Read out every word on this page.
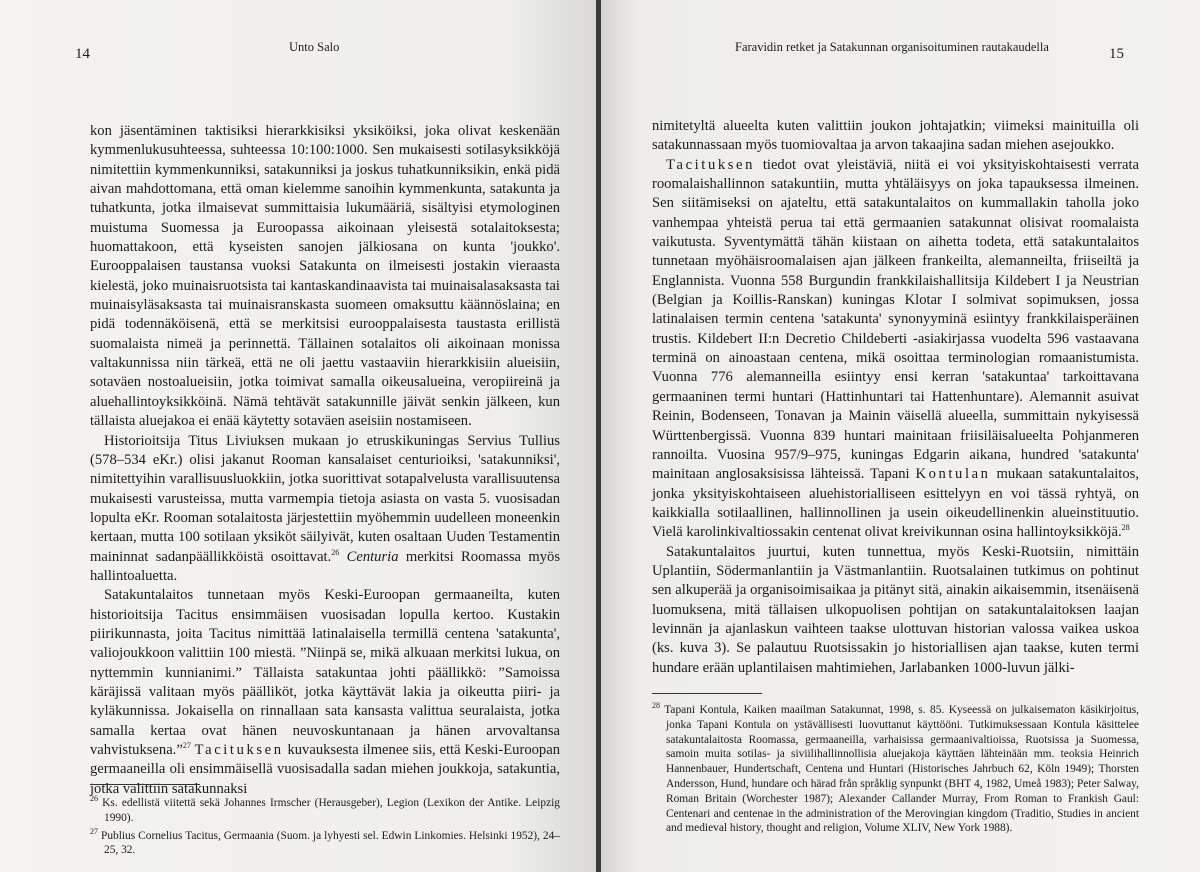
14	Unto Salo

kon jäsentäminen taktisiksi hierarkkisiksi yksiköiksi, joka olivat keskenään kymmenlukusuhteessa, suhteessa 10:100:1000. Sen mukaisesti sotilasyksikköjä nimitettiin kymmenkunniksi, satakunniksi ja joskus tuhatkunniksikin, enkä pidä aivan mahdottomana, että oman kielemme sanoihin kymmenkunta, satakunta ja tuhatkunta, jotka ilmaisevat summittaisia lukumääriä, sisältyisi etymologinen muistuma Suomessa ja Euroopassa aikoinaan yleisestä sotalaitoksesta; huomattakoon, että kyseisten sanojen jälkiosana on kunta 'joukko'. Eurooppalaisen taustansa vuoksi Satakunta on ilmeisesti jostakin vieraasta kielestä, joko muinaisruotsista tai kantaskandinaavista tai muinaisalasaksasta tai muinaisyläsaksasta tai muinaisranskasta suomeen omaksuttu käännöslaina; en pidä todennäköisenä, että se merkitsisi eurooppalaisesta taustasta erillistä suomalaista nimeä ja perinnettä. Tällainen sotalaitos oli aikoinaan monissa valtakunnissa niin tärkeä, että ne oli jaettu vastaaviin hierarkkisiin alueisiin, sotaväen nostoalueisiin, jotka toimivat samalla oikeusalueina, veropiireinä ja aluehallintoyksikköinä. Nämä tehtävät satakunnille jäivät senkin jälkeen, kun tällaista aluejakoa ei enää käytetty sotaväen aseisiin nostamiseen.

Historioitsija Titus Liviuksen mukaan jo etruskikuningas Servius Tullius (578–534 eKr.) olisi jakanut Rooman kansalaiset centurioiksi, 'satakunniksi', nimitettyihin varallisuusluokkiin, jotka suorittivat sotapalvelusta varallisuutensa mukaisesti varusteissa, mutta varmempia tietoja asiasta on vasta 5. vuosisadan lopulta eKr. Rooman sotalaitosta järjestettiin myöhemmin uudelleen moneenkin kertaan, mutta 100 sotilaan yksiköt säilyivät, kuten osaltaan Uuden Testamentin maininnat sadanpäällikköistä osoittavat.$^{26}$ Centuria merkitsi Roomassa myös hallintoaluetta.

Satakuntalaitos tunnetaan myös Keski-Euroopan germaaneilta, kuten historioitsija Tacitus ensimmäisen vuosisadan lopulla kertoo. Kustakin piirikunnasta, joita Tacitus nimittää latinalaisella termillä centena 'satakunta', valiojoukkoon valittiin 100 miestä. ”Niinpä se, mikä alkuaan merkitsi lukua, on nyttemmin kunnianimi.” Tällaista satakuntaa johti päällikkö: ”Samoissa käräjissä valitaan myös päälliköt, jotka käyttävät lakia ja oikeutta piiri- ja kyläkunnissa. Jokaisella on rinnallaan sata kansasta valittua seuralaista, jotka samalla kertaa ovat hänen neuvoskuntanaan ja hänen arvovaltansa vahvistuksena.”$^{27}$ Tacituksen kuvauksesta ilmenee siis, että Keski-Euroopan germaaneilla oli ensimmäisellä vuosisadalla sadan miehen joukkoja, satakuntia, jotka valittiin satakunnaksi

$^{26}$ Ks. edellistä viitettä sekä Johannes Irmscher (Herausgeber), Legion (Lexikon der Antike. Leipzig 1990).

$^{27}$ Publius Cornelius Tacitus, Germaania (Suom. ja lyhyesti sel. Edwin Linkomies. Helsinki 1952), 24–25, 32.

Faravidin retket ja Satakunnan organisoituminen rautakaudella	15

nimitetyltä alueelta kuten valittiin joukon johtajatkin; viimeksi mainituilla oli satakunnassaan myös tuomiovaltaa ja arvon takaajina sadan miehen asejoukko.

Tacituksen tiedot ovat yleistäviä, niitä ei voi yksityiskohtaisesti verrata roomalaishallinnon satakuntiin, mutta yhtäläisyys on joka tapauksessa ilmeinen. Sen siitämiseksi on ajateltu, että satakuntalaitos on kummallakin taholla joko vanhempaa yhteistä perua tai että germaanien satakunnat olisivat roomalaista vaikutusta. Syventymättä tähän kiistaan on aihetta todeta, että satakuntalaitos tunnetaan myöhäisroomalaisen ajan jälkeen frankeilta, alemanneilta, friiseiltä ja Englannista. Vuonna 558 Burgundin frankkilaishallitsija Kildebert I ja Neustrian (Belgian ja Koillis-Ranskan) kuningas Klotar I solmivat sopimuksen, jossa latinalaisen termin centena 'satakunta' synonyyminä esiintyy frankkilaisperäinen trustis. Kildebert II:n Decretio Childeberti -asiakirjassa vuodelta 596 vastaavana terminä on ainoastaan centena, mikä osoittaa terminologian romaanistumista. Vuonna 776 alemanneilla esiintyy ensi kerran 'satakuntaa' tarkoittavana germaaninen termi huntari (Hattinhuntari tai Hattenhuntare). Alemannit asuivat Reinin, Bodenseen, Tonavan ja Mainin väisellä alueella, summittain nykyisessä Württenbergissä. Vuonna 839 huntari mainitaan friisiläisalueelta Pohjanmeren rannoilta. Vuosina 957/9–975, kuningas Edgarin aikana, hundred 'satakunta' mainitaan anglosaksisissa lähteissä. Tapani Kontulan mukaan satakuntalaitos, jonka yksityiskohtaiseen aluehistorialliseen esittelyyn en voi tässä ryhtyä, on kaikkialla sotilaallinen, hallinnollinen ja usein oikeudellinenkin alueinstituutio. Vielä karolinkivaltiossakin centenat olivat kreivikunnan osina hallintoyksikköjä.$^{28}$

Satakuntalaitos juurtui, kuten tunnettua, myös Keski-Ruotsiin, nimittäin Uplantiin, Södermanlantiin ja Västmanlantiin. Ruotsalainen tutkimus on pohtinut sen alkuperää ja organisoimisaikaa ja pitänyt sitä, ainakin aikaisemmin, itsenäisenä luomuksena, mitä tällaisen ulkopuolisen pohtijan on satakuntalaitoksen laajan levinnän ja ajanlaskun vaihteen taakse ulottuvan historian valossa vaikea uskoa (ks. kuva 3). Se palautuu Ruotsissakin jo historiallisen ajan taakse, kuten termi hundare erään uplantilaisen mahtimiehen, Jarlabanken 1000-luvun jälki-

$^{28}$ Tapani Kontula, Kaiken maailman Satakunnat, 1998, s. 85. Kyseessä on julkaisematon käsikirjoitus, jonka Tapani Kontula on ystävällisesti luovuttanut käyttööni. Tutkimuksessaan Kontula käsittelee satakuntalaitosta Roomassa, germaaneilla, varhaisissa germaanivaltioissa, Ruotsissa ja Suomessa, samoin muita sotilas- ja siviilihallinnollisia aluejakoja käyttäen lähteinään mm. teoksia Heinrich Hannenbauer, Hundertschaft, Centena und Huntari (Historisches Jahrbuch 62, Köln 1949); Thorsten Andersson, Hund, hundare och härad från språklig synpunkt (BHT 4, 1982, Umeå 1983); Peter Salway, Roman Britain (Worchester 1987); Alexander Callander Murray, From Roman to Frankish Gaul: Centenari and centenae in the administration of the Merovingian kingdom (Traditio, Studies in ancient and medieval history, thought and religion, Volume XLIV, New York 1988).
